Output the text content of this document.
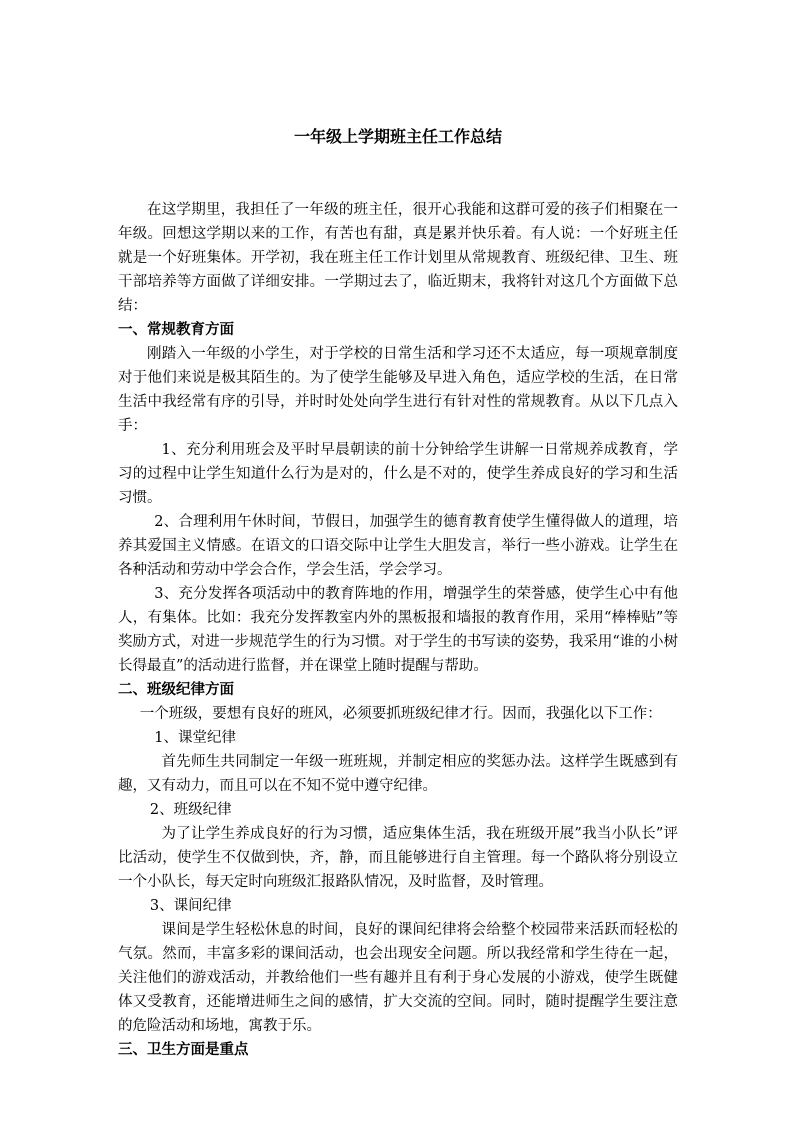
一年级上学期班主任工作总结

在这学期里，我担任了一年级的班主任，很开心我能和这群可爱的孩子们相聚在一年级。回想这学期以来的工作，有苦也有甜，真是累并快乐着。有人说：一个好班主任就是一个好班集体。开学初，我在班主任工作计划里从常规教育、班级纪律、卫生、班干部培养等方面做了详细安排。一学期过去了，临近期末，我将针对这几个方面做下总结：

一、常规教育方面

刚踏入一年级的小学生，对于学校的日常生活和学习还不太适应，每一项规章制度对于他们来说是极其陌生的。为了使学生能够及早进入角色，适应学校的生活，在日常生活中我经常有序的引导，并时时处处向学生进行有针对性的常规教育。从以下几点入手：

1、充分利用班会及平时早晨朝读的前十分钟给学生讲解一日常规养成教育，学习的过程中让学生知道什么行为是对的，什么是不对的，使学生养成良好的学习和生活习惯。

2、合理利用午休时间，节假日，加强学生的德育教育使学生懂得做人的道理，培养其爱国主义情感。在语文的口语交际中让学生大胆发言，举行一些小游戏。让学生在各种活动和劳动中学会合作，学会生活，学会学习。

3、充分发挥各项活动中的教育阵地的作用，增强学生的荣誉感，使学生心中有他人，有集体。比如：我充分发挥教室内外的黑板报和墙报的教育作用，采用“棒棒贴”等奖励方式，对进一步规范学生的行为习惯。对于学生的书写读的姿势，我采用“谁的小树长得最直”的活动进行监督，并在课堂上随时提醒与帮助。

二、班级纪律方面

一个班级，要想有良好的班风，必须要抓班级纪律才行。因而，我强化以下工作：

1、课堂纪律

首先师生共同制定一年级一班班规，并制定相应的奖惩办法。这样学生既感到有趣，又有动力，而且可以在不知不觉中遵守纪律。

2、班级纪律

为了让学生养成良好的行为习惯，适应集体生活，我在班级开展”我当小队长”评比活动，使学生不仅做到快，齐，静，而且能够进行自主管理。每一个路队将分别设立一个小队长，每天定时向班级汇报路队情况，及时监督，及时管理。

3、课间纪律

课间是学生轻松休息的时间，良好的课间纪律将会给整个校园带来活跃而轻松的气氛。然而，丰富多彩的课间活动，也会出现安全问题。所以我经常和学生待在一起，关注他们的游戏活动，并教给他们一些有趣并且有利于身心发展的小游戏，使学生既健体又受教育，还能增进师生之间的感情，扩大交流的空间。同时，随时提醒学生要注意的危险活动和场地，寓教于乐。

三、卫生方面是重点
